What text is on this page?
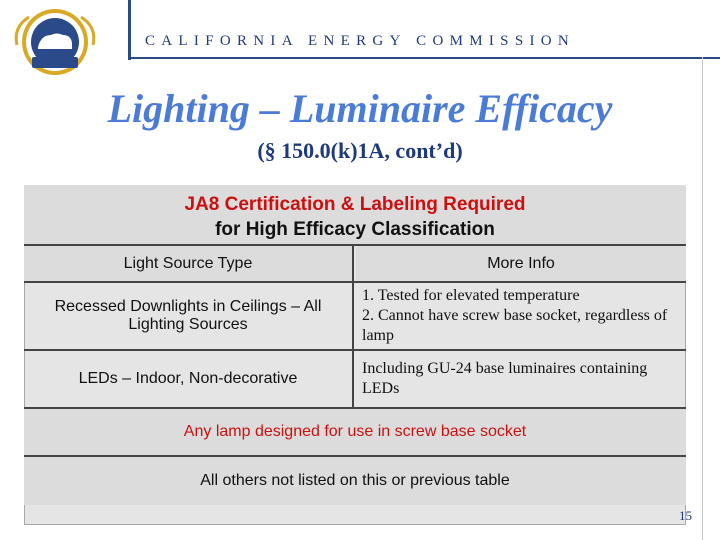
CALIFORNIA ENERGY COMMISSION
Lighting – Luminaire Efficacy
(§ 150.0(k)1A, cont’d)
JA8 Certification & Labeling Required
for High Efficacy Classification
Light Source Type	More Info
Recessed Downlights in Ceilings – All Lighting Sources
1. Tested for elevated temperature
2. Cannot have screw base socket, regardless of lamp
LEDs – Indoor, Non-decorative
Including GU-24 base luminaires containing LEDs
Any lamp designed for use in screw base socket
All others not listed on this or previous table
15
